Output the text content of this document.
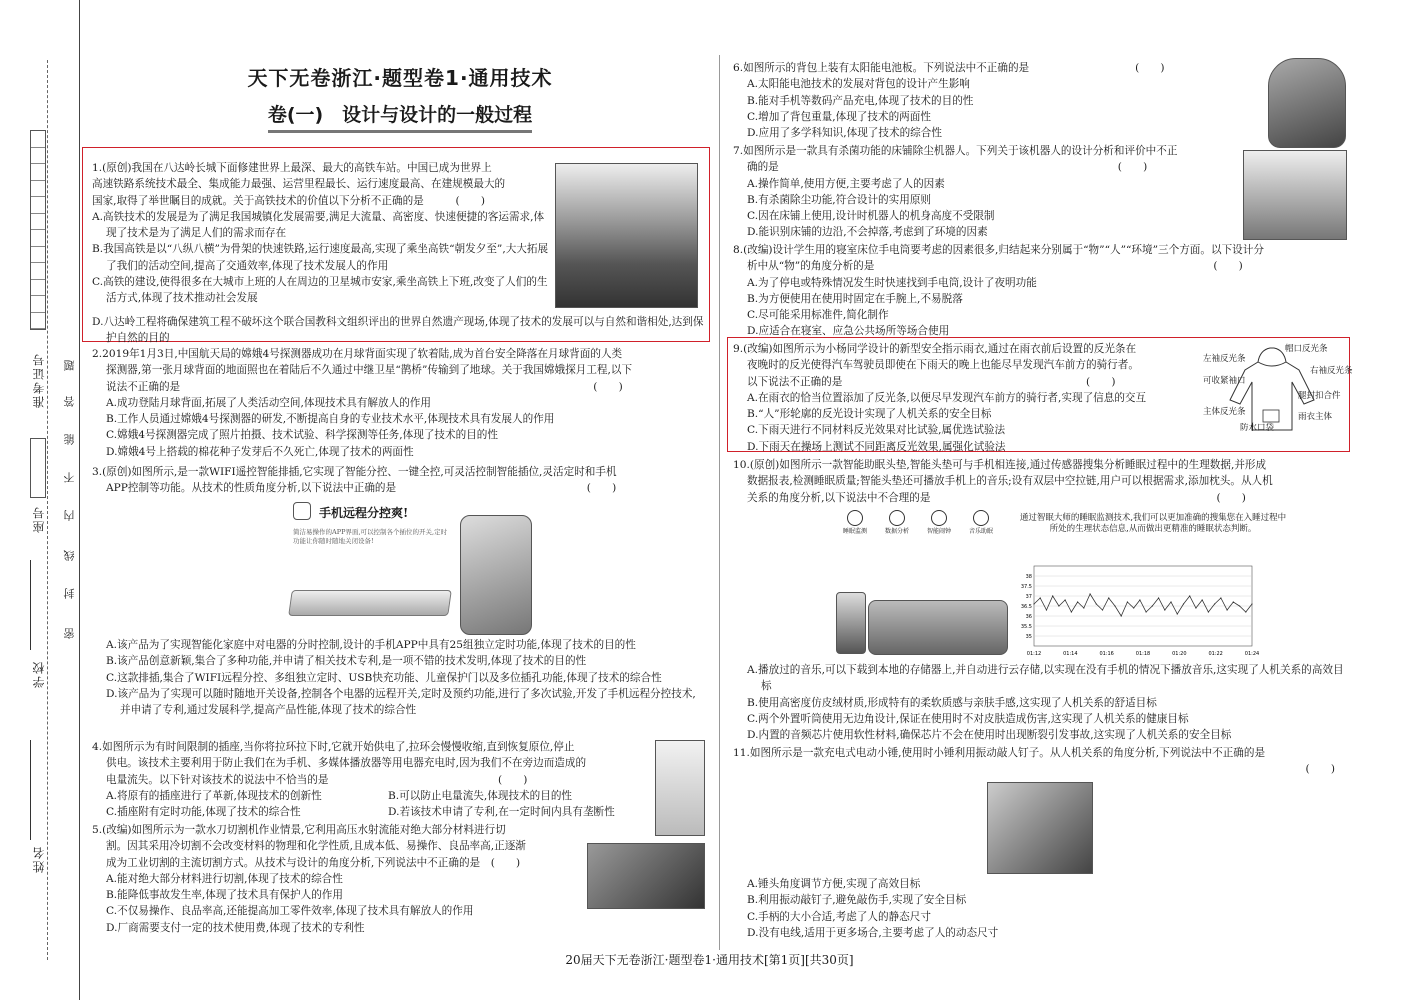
准考证号
座号
学校
姓名
题
答
能
不
内
线
封
密
天下无卷浙江·题型卷1·通用技术
卷(一)　设计与设计的一般过程

1.(原创)我国在八达岭长城下面修建世界上最深、最大的高铁车站。中国已成为世界上

高速铁路系统技术最全、集成能力最强、运营里程最长、运行速度最高、在建规模最大的

国家,取得了举世瞩目的成就。关于高铁技术的价值以下分析不正确的是　　　(　　)

A.高铁技术的发展是为了满足我国城镇化发展需要,满足大流量、高密度、快速便捷的客运需求,体现了技术是为了满足人们的需求而存在

B.我国高铁是以“八纵八横”为骨架的快速铁路,运行速度最高,实现了乘坐高铁“朝发夕至”,大大拓展了我们的活动空间,提高了交通效率,体现了技术发展人的作用

C.高铁的建设,使得很多在大城市上班的人在周边的卫星城市安家,乘坐高铁上下班,改变了人们的生活方式,体现了技术推动社会发展

D.八达岭工程将确保建筑工程不破坏这个联合国教科文组织评出的世界自然遗产现场,体现了技术的发展可以与自然和谐相处,达到保护自然的目的

2.2019年1月3日,中国航天局的嫦娥4号探测器成功在月球背面实现了软着陆,成为首台安全降落在月球背面的人类

探测器,第一张月球背面的地面照也在着陆后不久通过中继卫星“鹊桥”传输到了地球。关于我国嫦娥探月工程,以下

说法不正确的是　　　　　　　　　　　　　　　　　　　　　　　　　　　　　　　　　　　　　　　(　　)

A.成功登陆月球背面,拓展了人类活动空间,体现技术具有解放人的作用

B.工作人员通过嫦娥4号探测器的研发,不断提高自身的专业技术水平,体现技术具有发展人的作用

C.嫦娥4号探测器完成了照片拍摄、技术试验、科学探测等任务,体现了技术的目的性

D.嫦娥4号上搭载的棉花种子发芽后不久死亡,体现了技术的两面性

3.(原创)如图所示,是一款WIFI遥控智能排插,它实现了智能分控、一键全控,可灵活控制智能插位,灵活定时和手机

APP控制等功能。从技术的性质角度分析,以下说法中正确的是　　　　　　　　　　　　　　　　　　(　　)

手机远程分控爽!
简洁易操作的APP界面,可以控制各个插位的开关,定时功能让你随时随地关闭设备!

A.该产品为了实现智能化家庭中对电器的分时控制,设计的手机APP中具有25组独立定时功能,体现了技术的目的性

B.该产品创意新颖,集合了多种功能,并申请了相关技术专利,是一项不错的技术发明,体现了技术的目的性

C.这款排插,集合了WIFI远程分控、多组独立定时、USB快充功能、儿童保护门以及多位插孔功能,体现了技术的综合性

D.该产品为了实现可以随时随地开关设备,控制各个电器的远程开关,定时及预约功能,进行了多次试验,开发了手机远程分控技术,并申请了专利,通过发展科学,提高产品性能,体现了技术的综合性

4.如图所示为有时间限制的插座,当你将拉环拉下时,它就开始供电了,拉环会慢慢收缩,直到恢复原位,停止

供电。该技术主要利用于防止我们在为手机、多媒体播放器等用电器充电时,因为我们不在旁边而造成的

电量流失。以下针对该技术的说法中不恰当的是　　　　　　　　　　　　　　　　(　　)

A.将原有的插座进行了革新,体现技术的创新性

C.插座附有定时功能,体现了技术的综合性

B.可以防止电量流失,体现技术的目的性

D.若该技术申请了专利,在一定时间内具有垄断性

5.(改编)如图所示为一款水刀切割机作业情景,它利用高压水射流能对绝大部分材料进行切

割。因其采用冷切割不会改变材料的物理和化学性质,且成本低、易操作、良品率高,正逐渐

成为工业切割的主流切割方式。从技术与设计的角度分析,下列说法中不正确的是　(　　)

A.能对绝大部分材料进行切割,体现了技术的综合性

B.能降低事故发生率,体现了技术具有保护人的作用

C.不仅易操作、良品率高,还能提高加工零件效率,体现了技术具有解放人的作用

D.厂商需要支付一定的技术使用费,体现了技术的专利性

6.如图所示的背包上装有太阳能电池板。下列说法中不正确的是　　　　　　　　　　(　　)

A.太阳能电池技术的发展对背包的设计产生影响

B.能对手机等数码产品充电,体现了技术的目的性

C.增加了背包重量,体现了技术的两面性

D.应用了多学科知识,体现了技术的综合性

7.如图所示是一款具有杀菌功能的床铺除尘机器人。下列关于该机器人的设计分析和评价中不正

确的是　　　　　　　　　　　　　　　　　　　　　　　　　　　　　　　　(　　)

A.操作简单,使用方便,主要考虑了人的因素

B.有杀菌除尘功能,符合设计的实用原则

C.因在床铺上使用,设计时机器人的机身高度不受限制

D.能识别床铺的边沿,不会掉落,考虑到了环境的因素

8.(改编)设计学生用的寝室床位手电筒要考虑的因素很多,归结起来分别属于“物”“人”“环境”三个方面。以下设计分

析中从“物”的角度分析的是　　　　　　　　　　　　　　　　　　　　　　　　　　　　　　　　(　　)

A.为了停电或特殊情况发生时快速找到手电筒,设计了夜明功能

B.为方便使用在使用时固定在手腕上,不易脱落

C.尽可能采用标准件,简化制作

D.应适合在寝室、应急公共场所等场合使用

9.(改编)如图所示为小杨同学设计的新型安全指示雨衣,通过在雨衣前后设置的反光条在

夜晚时的反光使得汽车驾驶员即使在下雨天的晚上也能尽早发现汽车前方的骑行者。

以下说法不正确的是　　　　　　　　　　　　　　　　　　　　　　　(　　)

A.在雨衣的恰当位置添加了反光条,以便尽早发现汽车前方的骑行者,实现了信息的交互

B.“人”形轮廓的反光设计实现了人机关系的安全目标

C.下雨天进行不同材料反光效果对比试验,属优选试验法

D.下雨天在操场上测试不同距离反光效果,属强化试验法

帽口反光条
左袖反光条
可收紧袖口
右袖反光条
腿封扣合件
主体反光条	雨衣主体
防水口袋

10.(原创)如图所示一款智能助眠头垫,智能头垫可与手机相连接,通过传感器搜集分析睡眠过程中的生理数据,并形成

数据报表,检测睡眠质量;智能头垫还可播放手机上的音乐;设有双层中空拉链,用户可以根据需求,添加枕头。从人机

关系的角度分析,以下说法中不合理的是　　　　　　　　　　　　　　　　　　　　　　　　　　　(　　)

睡眠监测	数据分析	智能闹钟	音乐助眠
通过智眠大师的睡眠监测技术,我们可以更加准确的搜集您在入睡过程中所处的生理状态信息,从而做出更精准的睡眠状态判断。
35
35.5
36
36.5
37
37.5
38
01:12	01:14	01:16	01:18	01:20	01:22	01:24

A.播放过的音乐,可以下载到本地的存储器上,并自动进行云存储,以实现在没有手机的情况下播放音乐,这实现了人机关系的高效目标

B.使用高密度仿皮绒材质,形成特有的柔软质感与亲肤手感,这实现了人机关系的舒适目标

C.两个外置听筒使用无边角设计,保证在使用时不对皮肤造成伤害,这实现了人机关系的健康目标

D.内置的音频芯片使用软性材料,确保芯片不会在使用时出现断裂引发事故,这实现了人机关系的安全目标

11.如图所示是一款充电式电动小锤,使用时小锤利用振动敲人钉子。从人机关系的角度分析,下列说法中不正确的是

(　　)

A.锤头角度调节方便,实现了高效目标

B.利用振动敲钉子,避免敲伤手,实现了安全目标

C.手柄的大小合适,考虑了人的静态尺寸

D.没有电线,适用于更多场合,主要考虑了人的动态尺寸

20届天下无卷浙江·题型卷1·通用技术[第1页][共30页]
